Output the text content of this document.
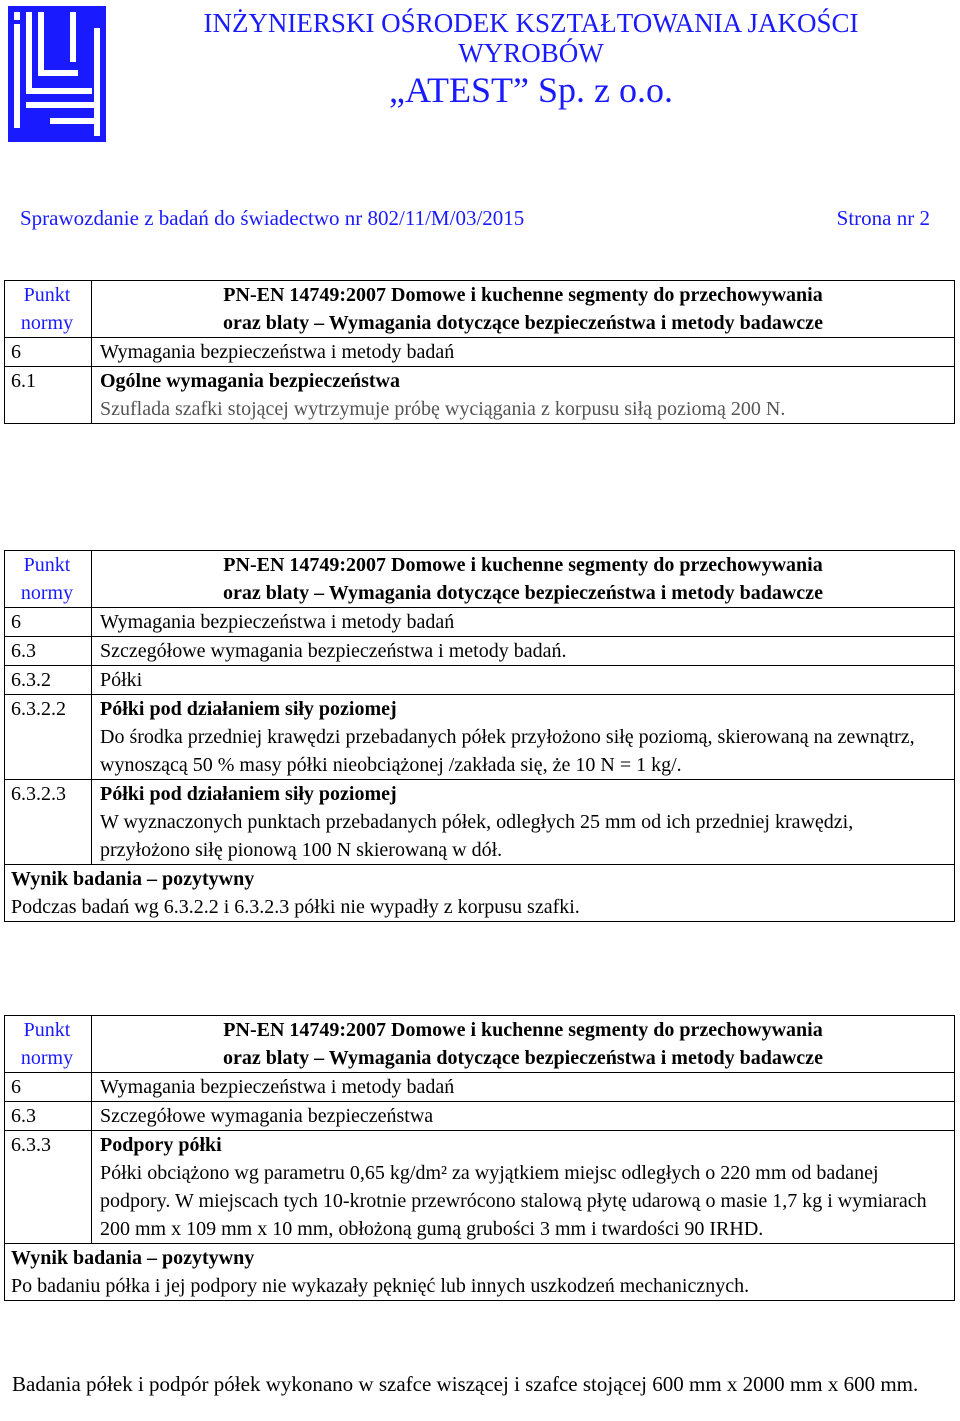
INŻYNIERSKI OŚRODEK KSZTAŁTOWANIA JAKOŚCI
WYROBÓW
„ATEST” Sp. z o.o.
Sprawozdanie z badań do świadectwo nr 802/11/M/03/2015	Strona nr 2
Punkt
normy	PN-EN 14749:2007 Domowe i kuchenne segmenty do przechowywania
oraz blaty – Wymagania dotyczące bezpieczeństwa i metody badawcze
6	Wymagania bezpieczeństwa i metody badań
6.1	Ogólne wymagania bezpieczeństwa
Szuflada szafki stojącej wytrzymuje próbę wyciągania z korpusu siłą poziomą 200 N.
Punkt
normy	PN-EN 14749:2007 Domowe i kuchenne segmenty do przechowywania
oraz blaty – Wymagania dotyczące bezpieczeństwa i metody badawcze
6	Wymagania bezpieczeństwa i metody badań
6.3	Szczegółowe wymagania bezpieczeństwa i metody badań.
6.3.2	Półki
6.3.2.2	Półki pod działaniem siły poziomej
Do środka przedniej krawędzi przebadanych półek przyłożono siłę poziomą, skierowaną na zewnątrz, wynoszącą 50 % masy półki nieobciążonej /zakłada się, że 10 N = 1 kg/.

6.3.2.3	Półki pod działaniem siły poziomej
W wyznaczonych punktach przebadanych półek, odległych 25 mm od ich przedniej krawędzi, przyłożono siłę pionową 100 N skierowaną w dół.

Wynik badania – pozytywny
Podczas badań wg 6.3.2.2 i 6.3.2.3 półki nie wypadły z korpusu szafki.	
Punkt
normy	PN-EN 14749:2007 Domowe i kuchenne segmenty do przechowywania
oraz blaty – Wymagania dotyczące bezpieczeństwa i metody badawcze
6	Wymagania bezpieczeństwa i metody badań
6.3	Szczegółowe wymagania bezpieczeństwa
6.3.3	Podpory półki
Półki obciążono wg parametru 0,65 kg/dm² za wyjątkiem miejsc odległych o 220 mm od badanej podpory. W miejscach tych 10-krotnie przewrócono stalową płytę udarową o masie 1,7 kg i wymiarach 200 mm x 109 mm x 10 mm, obłożoną gumą grubości 3 mm i twardości 90 IRHD.

Wynik badania – pozytywny
Po badaniu półka i jej podpory nie wykazały pęknięć lub innych uszkodzeń mechanicznych.	
Badania półek i podpór półek wykonano w szafce wiszącej i szafce stojącej 600 mm x 2000 mm x 600 mm.
